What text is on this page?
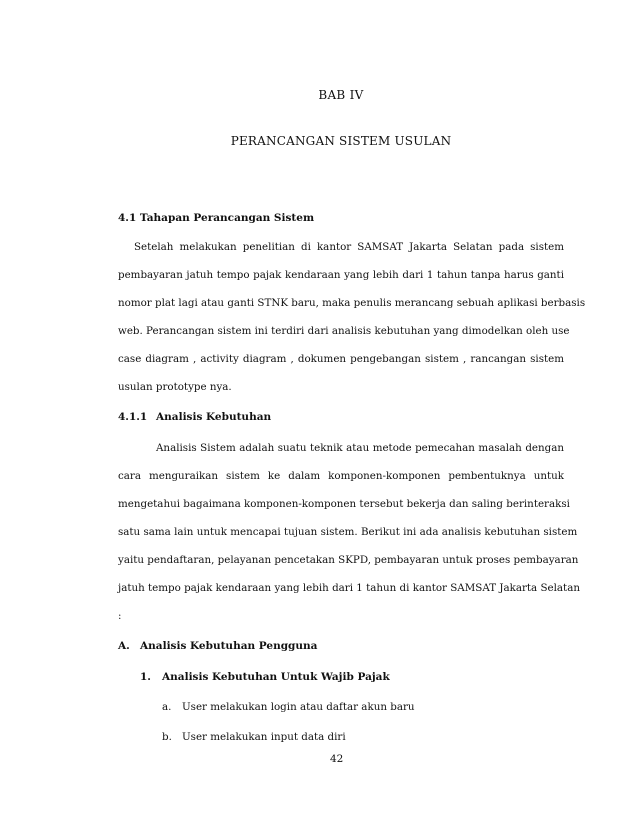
BAB IV
PERANCANGAN SISTEM USULAN
4.1 Tahapan Perancangan Sistem
Setelah melakukan penelitian di kantor SAMSAT Jakarta Selatan pada sistem
pembayaran jatuh tempo pajak kendaraan yang lebih dari 1 tahun tanpa harus ganti
nomor plat lagi atau ganti STNK baru, maka penulis merancang sebuah aplikasi berbasis
web. Perancangan sistem ini terdiri dari analisis kebutuhan yang dimodelkan oleh use
case diagram , activity diagram , dokumen pengebangan sistem , rancangan sistem
usulan prototype nya.
4.1.1 Analisis Kebutuhan
Analisis Sistem adalah suatu teknik atau metode pemecahan masalah dengan
cara menguraikan sistem ke dalam komponen-komponen pembentuknya untuk
mengetahui bagaimana komponen-komponen tersebut bekerja dan saling berinteraksi
satu sama lain untuk mencapai tujuan sistem. Berikut ini ada analisis kebutuhan sistem
yaitu pendaftaran, pelayanan pencetakan SKPD, pembayaran untuk proses pembayaran
jatuh tempo pajak kendaraan yang lebih dari 1 tahun di kantor SAMSAT Jakarta Selatan
:
A. Analisis Kebutuhan Pengguna
1. Analisis Kebutuhan Untuk Wajib Pajak
a. User melakukan login atau daftar akun baru
b. User melakukan input data diri
42
